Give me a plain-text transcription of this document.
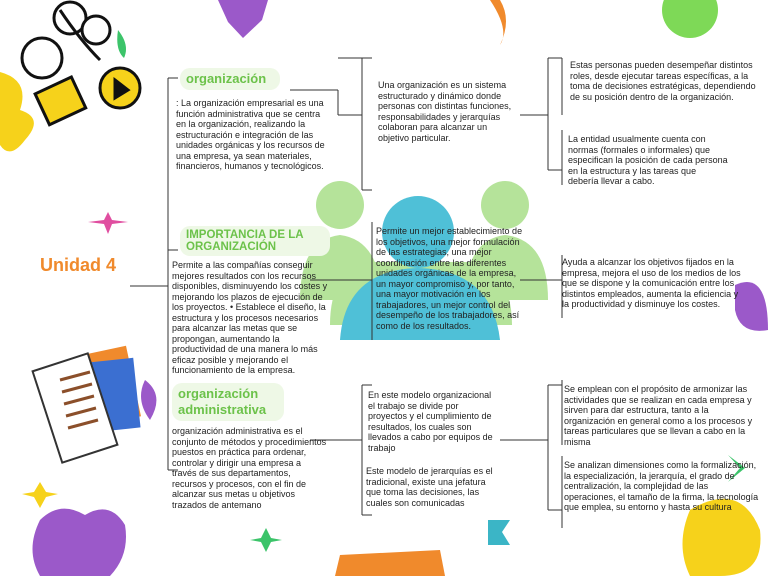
Unidad 4
organización
: La organización empresarial es una función administrativa que se centra en la organización, realizando la estructuración e integración de las unidades orgánicas y los recursos de una empresa, ya sean materiales, financieros, humanos y tecnológicos.
Una organización es un sistema estructurado y dinámico donde personas con distintas funciones, responsabilidades y jerarquías colaboran para alcanzar un objetivo particular.
Estas personas pueden desempeñar distintos roles, desde ejecutar tareas específicas, a la toma de decisiones estratégicas, dependiendo de su posición dentro de la organización.
La entidad usualmente cuenta con normas (formales o informales) que especifican la posición de cada persona en la estructura y las tareas que debería llevar a cabo.
IMPORTANCIA DE LA ORGANIZACIÓN
Permite a las compañías conseguir mejores resultados con los recursos disponibles, disminuyendo los costes y mejorando los plazos de ejecución de los proyectos. • Establece el diseño, la estructura y los procesos necesarios para alcanzar las metas que se propongan, aumentando la productividad de una manera lo más eficaz posible y mejorando el funcionamiento de la empresa.
Permite un mejor establecimiento de los objetivos, una mejor formulación de las estrategias, una mejor coordinación entre las diferentes unidades orgánicas de la empresa, un mayor compromiso y, por tanto, una mayor motivación en los trabajadores, un mejor control del desempeño de los trabajadores, así como de los resultados.
Ayuda a alcanzar los objetivos fijados en la empresa, mejora el uso de los medios de los que se dispone y la comunicación entre los distintos empleados, aumenta la eficiencia y la productividad y disminuye los costes.
organización administrativa
organización administrativa es el conjunto de métodos y procedimientos puestos en práctica para ordenar, controlar y dirigir una empresa a través de sus departamentos, recursos y procesos, con el fin de alcanzar sus metas u objetivos trazados de antemano
En este modelo organizacional el trabajo se divide por proyectos y el cumplimiento de resultados, los cuales son llevados a cabo por equipos de trabajo
Este modelo de jerarquías es el tradicional, existe una jefatura que toma las decisiones, las cuales son comunicadas
Se emplean con el propósito de armonizar las actividades que se realizan en cada empresa y sirven para dar estructura, tanto a la organización en general como a los procesos y tareas particulares que se llevan a cabo en la misma
Se analizan dimensiones como la formalización, la especialización, la jerarquía, el grado de centralización, la complejidad de las operaciones, el tamaño de la firma, la tecnología que emplea, su entorno y hasta su cultura
